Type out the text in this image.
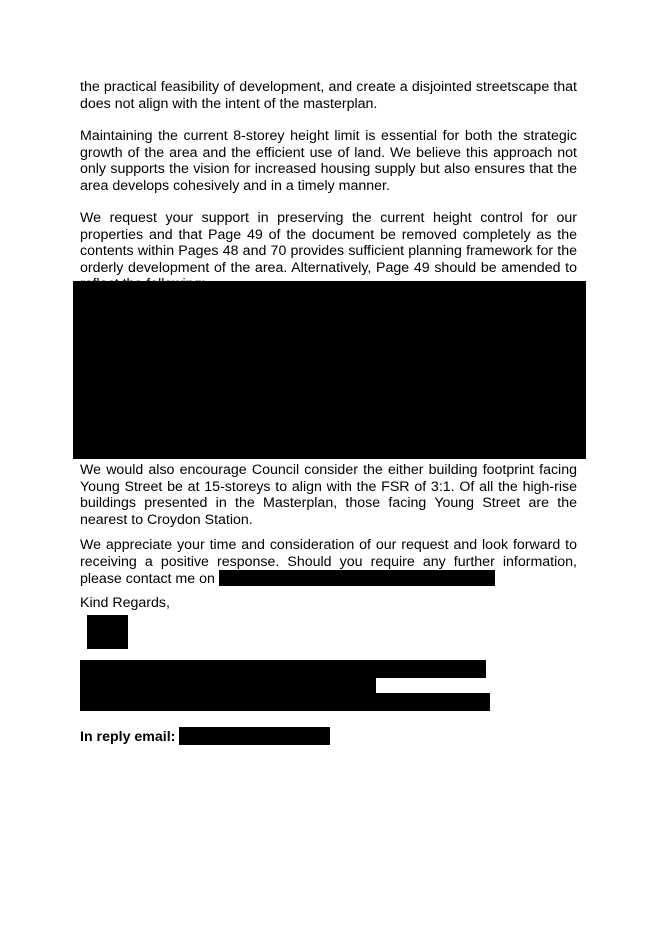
the practical feasibility of development, and create a disjointed streetscape that does not align with the intent of the masterplan.

Maintaining the current 8-storey height limit is essential for both the strategic growth of the area and the efficient use of land. We believe this approach not only supports the vision for increased housing supply but also ensures that the area develops cohesively and in a timely manner.

We request your support in preserving the current height control for our properties and that Page 49 of the document be removed completely as the contents within Pages 48 and 70 provides sufficient planning framework for the orderly development of the area. Alternatively, Page 49 should be amended to

We would also encourage Council consider the either building footprint facing Young Street be at 15-storeys to align with the FSR of 3:1. Of all the high-rise buildings presented in the Masterplan, those facing Young Street are the nearest to Croydon Station.

We appreciate your time and consideration of our request and look forward to receiving a positive response. Should you require any further information, please contact me on

Kind Regards,

In reply email:
